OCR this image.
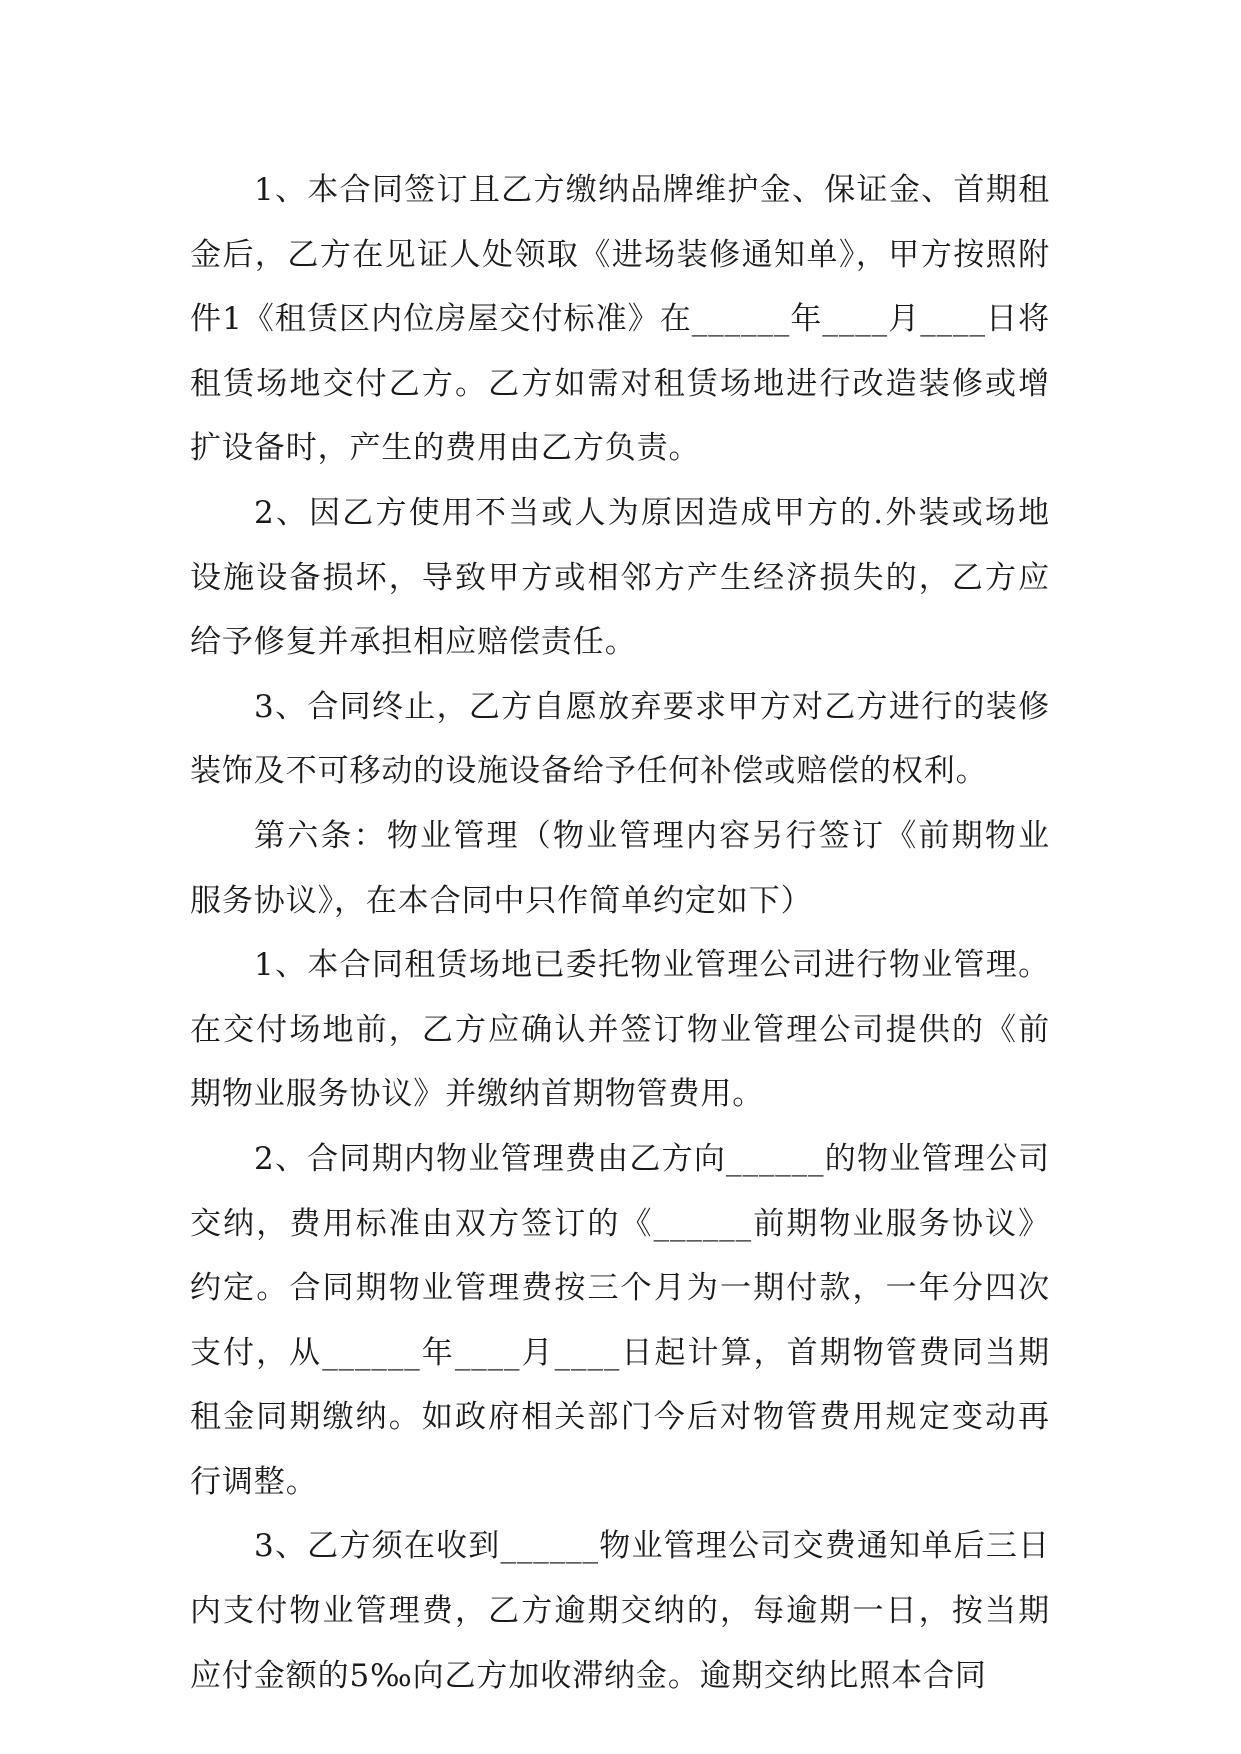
1、本合同签订且乙方缴纳品牌维护金、保证金、首期租金后，乙方在见证人处领取《进场装修通知单》，甲方按照附件1《租赁区内位房屋交付标准》在______年____月____日将租赁场地交付乙方。乙方如需对租赁场地进行改造装修或增扩设备时，产生的费用由乙方负责。

2、因乙方使用不当或人为原因造成甲方的.外装或场地设施设备损坏，导致甲方或相邻方产生经济损失的，乙方应给予修复并承担相应赔偿责任。

3、合同终止，乙方自愿放弃要求甲方对乙方进行的装修装饰及不可移动的设施设备给予任何补偿或赔偿的权利。

第六条：物业管理（物业管理内容另行签订《前期物业服务协议》，在本合同中只作简单约定如下）

1、本合同租赁场地已委托物业管理公司进行物业管理。在交付场地前，乙方应确认并签订物业管理公司提供的《前期物业服务协议》并缴纳首期物管费用。

2、合同期内物业管理费由乙方向______的物业管理公司交纳，费用标准由双方签订的《______前期物业服务协议》约定。合同期物业管理费按三个月为一期付款，一年分四次支付，从______年____月____日起计算，首期物管费同当期租金同期缴纳。如政府相关部门今后对物管费用规定变动再行调整。

3、乙方须在收到______物业管理公司交费通知单后三日内支付物业管理费，乙方逾期交纳的，每逾期一日，按当期应付金额的5‰向乙方加收滞纳金。逾期交纳比照本合同
